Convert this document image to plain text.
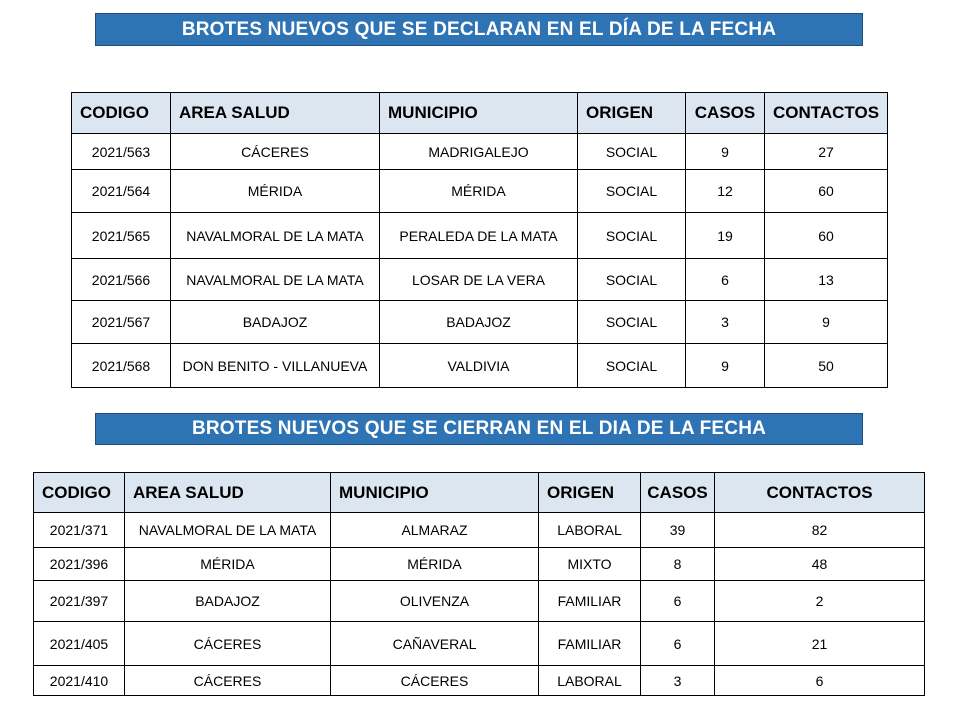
BROTES NUEVOS QUE SE DECLARAN EN EL DÍA DE LA FECHA
CODIGO	AREA SALUD	MUNICIPIO	ORIGEN	CASOS	CONTACTOS
2021/563	CÁCERES	MADRIGALEJO	SOCIAL	9	27
2021/564	MÉRIDA	MÉRIDA	SOCIAL	12	60
2021/565	NAVALMORAL DE LA MATA	PERALEDA DE LA MATA	SOCIAL	19	60
2021/566	NAVALMORAL DE LA MATA	LOSAR DE LA VERA	SOCIAL	6	13
2021/567	BADAJOZ	BADAJOZ	SOCIAL	3	9
2021/568	DON BENITO - VILLANUEVA	VALDIVIA	SOCIAL	9	50
BROTES NUEVOS QUE SE CIERRAN EN EL DIA DE LA FECHA
CODIGO	AREA SALUD	MUNICIPIO	ORIGEN	CASOS	CONTACTOS
2021/371	NAVALMORAL DE LA MATA	ALMARAZ	LABORAL	39	82
2021/396	MÉRIDA	MÉRIDA	MIXTO	8	48
2021/397	BADAJOZ	OLIVENZA	FAMILIAR	6	2
2021/405	CÁCERES	CAÑAVERAL	FAMILIAR	6	21
2021/410	CÁCERES	CÁCERES	LABORAL	3	6
